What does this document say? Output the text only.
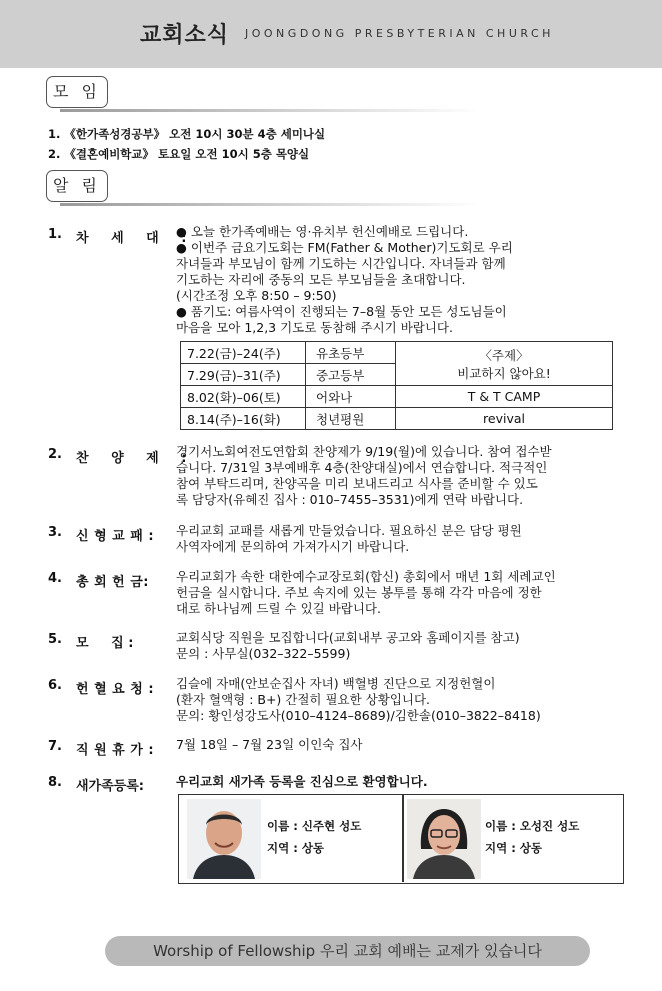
교회소식 JOONGDONG PRESBYTERIAN CHURCH
모 임
1. 《한가족성경공부》 오전 10시 30분 4층 세미나실
2. 《결혼예비학교》 토요일 오전 10시 5층 목양실
알 림
1. 차 세 대 :

● 오늘 한가족예배는 영·유치부 헌신예배로 드립니다.

● 이번주 금요기도회는 FM(Father & Mother)기도회로 우리

자녀들과 부모님이 함께 기도하는 시간입니다. 자녀들과 함께

기도하는 자리에 중동의 모든 부모님들을 초대합니다.

(시간조정 오후 8:50 – 9:50)

● 품기도: 여름사역이 진행되는 7–8월 동안 모든 성도님들이

마음을 모아 1,2,3 기도로 동참해 주시기 바랍니다.

7.22(금)–24(주)	유초등부	〈주제〉
비교하지 않아요!

7.29(금)–31(주)	중고등부	
8.02(화)–06(토)	어와나	T & T CAMP
8.14(주)–16(화)	청년평원	revival
2. 찬 양 제 :

경기서노회여전도연합회 찬양제가 9/19(월)에 있습니다. 참여 접수받

습니다. 7/31일 3부예배후 4층(찬양대실)에서 연습합니다. 적극적인

참여 부탁드리며, 찬양곡을 미리 보내드리고 식사를 준비할 수 있도

록 담당자(유혜진 집사 : 010–7455–3531)에게 연락 바랍니다.

3. 신 형 교 패 :	우리교회 교패를 새롭게 만들었습니다. 필요하신 분은 담당 평원

사역자에게 문의하여 가져가시기 바랍니다.

4. 총 회 헌 금:	우리교회가 속한 대한예수교장로회(합신) 총회에서 매년 1회 세례교인

헌금을 실시합니다. 주보 속지에 있는 봉투를 통해 각각 마음에 정한

대로 하나님께 드릴 수 있길 바랍니다.

5. 모     집 :	교회식당 직원을 모집합니다(교회내부 공고와 홈페이지를 참고)

문의 : 사무실(032–322–5599)

6. 헌 혈 요 청 :	김슬에 자매(안보순집사 자녀) 백혈병 진단으로 지정헌혈이

(환자 혈액형 : B+) 간절히 필요한 상황입니다.

문의: 황인성강도사(010–4124–8689)/김한솔(010–3822–8418)

7. 직 원 휴 가 :	7월 18일 – 7월 23일 이인숙 집사

8. 새가족등록:	우리교회 새가족 등록을 진심으로 환영합니다.

이름 : 신주현 성도
지역 : 상동
이름 : 오성진 성도
지역 : 상동
Worship of Fellowship 우리 교회 예배는 교제가 있습니다
